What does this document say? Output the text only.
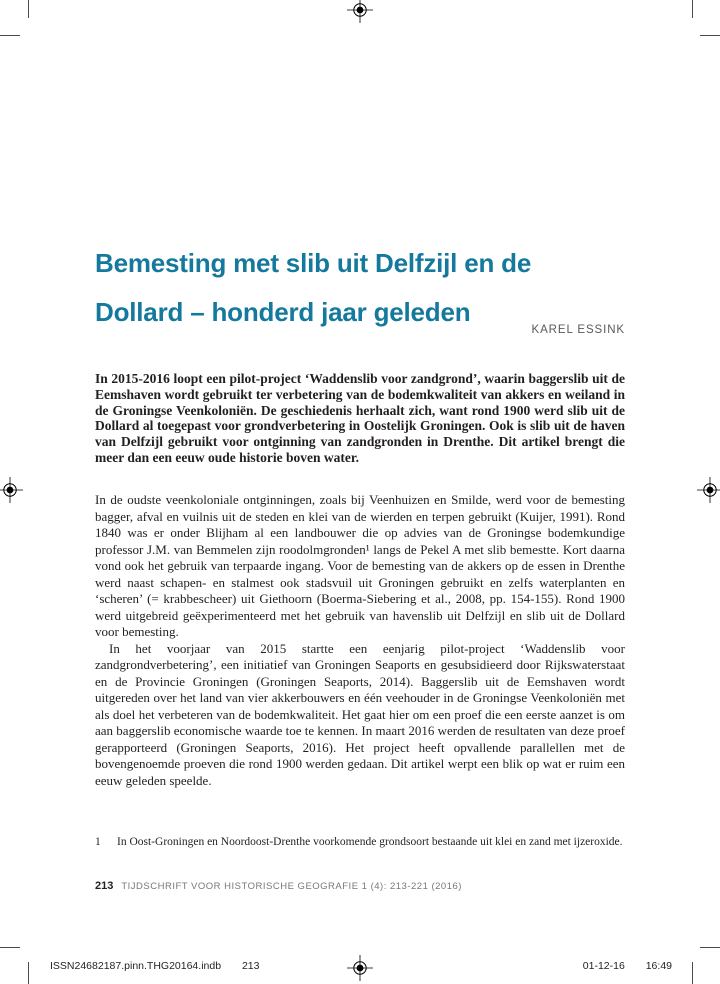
Bemesting met slib uit Delfzijl en de
Dollard – honderd jaar geleden
KAREL ESSINK
In 2015-2016 loopt een pilot-project ‘Waddenslib voor zandgrond’, waarin baggerslib uit de Eemshaven wordt gebruikt ter verbetering van de bodemkwaliteit van akkers en weiland in de Groningse Veenkoloniën. De geschiedenis herhaalt zich, want rond 1900 werd slib uit de Dollard al toegepast voor grondverbetering in Oostelijk Groningen. Ook is slib uit de haven van Delfzijl gebruikt voor ontginning van zandgronden in Drenthe. Dit artikel brengt die meer dan een eeuw oude historie boven water.

In de oudste veenkoloniale ontginningen, zoals bij Veenhuizen en Smilde, werd voor de bemesting bagger, afval en vuilnis uit de steden en klei van de wierden en terpen gebruikt (Kuijer, 1991). Rond 1840 was er onder Blijham al een landbouwer die op advies van de Groningse bodemkundige professor J.M. van Bemmelen zijn roodolmgronden¹ langs de Pekel A met slib bemestte. Kort daarna vond ook het gebruik van terpaarde ingang. Voor de bemesting van de akkers op de essen in Drenthe werd naast schapen- en stalmest ook stadsvuil uit Groningen gebruikt en zelfs waterplanten en ‘scheren’ (= krabbescheer) uit Giethoorn (Boerma-Siebering et al., 2008, pp. 154-155). Rond 1900 werd uitgebreid geëxperimenteerd met het gebruik van havenslib uit Delfzijl en slib uit de Dollard voor bemesting.

In het voorjaar van 2015 startte een eenjarig pilot-project ‘Waddenslib voor zandgrondverbetering’, een initiatief van Groningen Seaports en gesubsidieerd door Rijkswaterstaat en de Provincie Groningen (Groningen Seaports, 2014). Baggerslib uit de Eemshaven wordt uitgereden over het land van vier akkerbouwers en één veehouder in de Groningse Veenkoloniën met als doel het verbeteren van de bodemkwaliteit. Het gaat hier om een proef die een eerste aanzet is om aan baggerslib economische waarde toe te kennen. In maart 2016 werden de resultaten van deze proef gerapporteerd (Groningen Seaports, 2016). Het project heeft opvallende parallellen met de bovengenoemde proeven die rond 1900 werden gedaan. Dit artikel werpt een blik op wat er ruim een eeuw geleden speelde.

1	In Oost-Groningen en Noordoost-Drenthe voorkomende grondsoort bestaande uit klei en zand met ijzeroxide.
213 TIJDSCHRIFT VOOR HISTORISCHE GEOGRAFIE 1 (4): 213-221 (2016)
ISSN24682187.pinn.THG20164.indb 213	01-12-16 16:49
